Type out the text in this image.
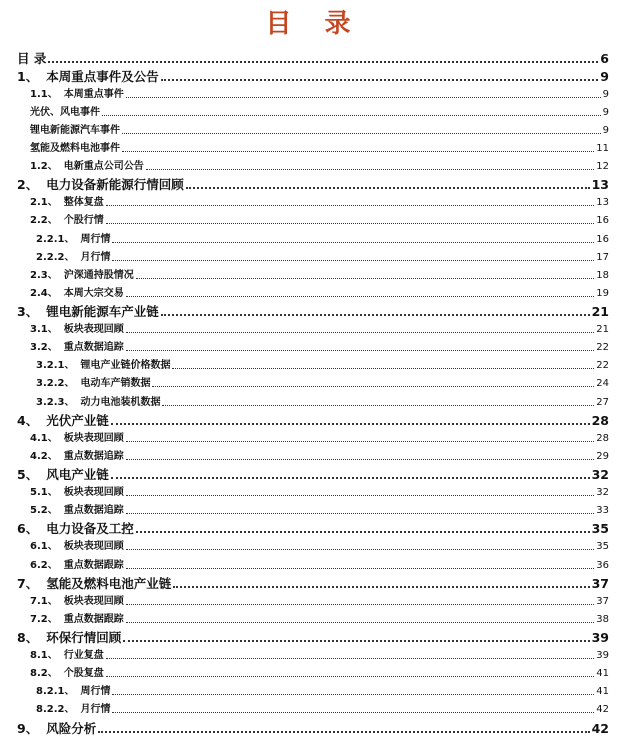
目 录
目 录	6
1、 本周重点事件及公告	9
1.1、 本周重点事件	9
光伏、风电事件	9
锂电新能源汽车事件	9
氢能及燃料电池事件	11
1.2、 电新重点公司公告	12
2、 电力设备新能源行情回顾	13
2.1、 整体复盘	13
2.2、 个股行情	16
2.2.1、 周行情	16
2.2.2、 月行情	17
2.3、 沪深通持股情况	18
2.4、 本周大宗交易	19
3、 锂电新能源车产业链	21
3.1、 板块表现回顾	21
3.2、 重点数据追踪	22
3.2.1、 锂电产业链价格数据	22
3.2.2、 电动车产销数据	24
3.2.3、 动力电池装机数据	27
4、 光伏产业链	28
4.1、 板块表现回顾	28
4.2、 重点数据追踪	29
5、 风电产业链	32
5.1、 板块表现回顾	32
5.2、 重点数据追踪	33
6、 电力设备及工控	35
6.1、 板块表现回顾	35
6.2、 重点数据跟踪	36
7、 氢能及燃料电池产业链	37
7.1、 板块表现回顾	37
7.2、 重点数据跟踪	38
8、 环保行情回顾	39
8.1、 行业复盘	39
8.2、 个股复盘	41
8.2.1、 周行情	41
8.2.2、 月行情	42
9、 风险分析	42
